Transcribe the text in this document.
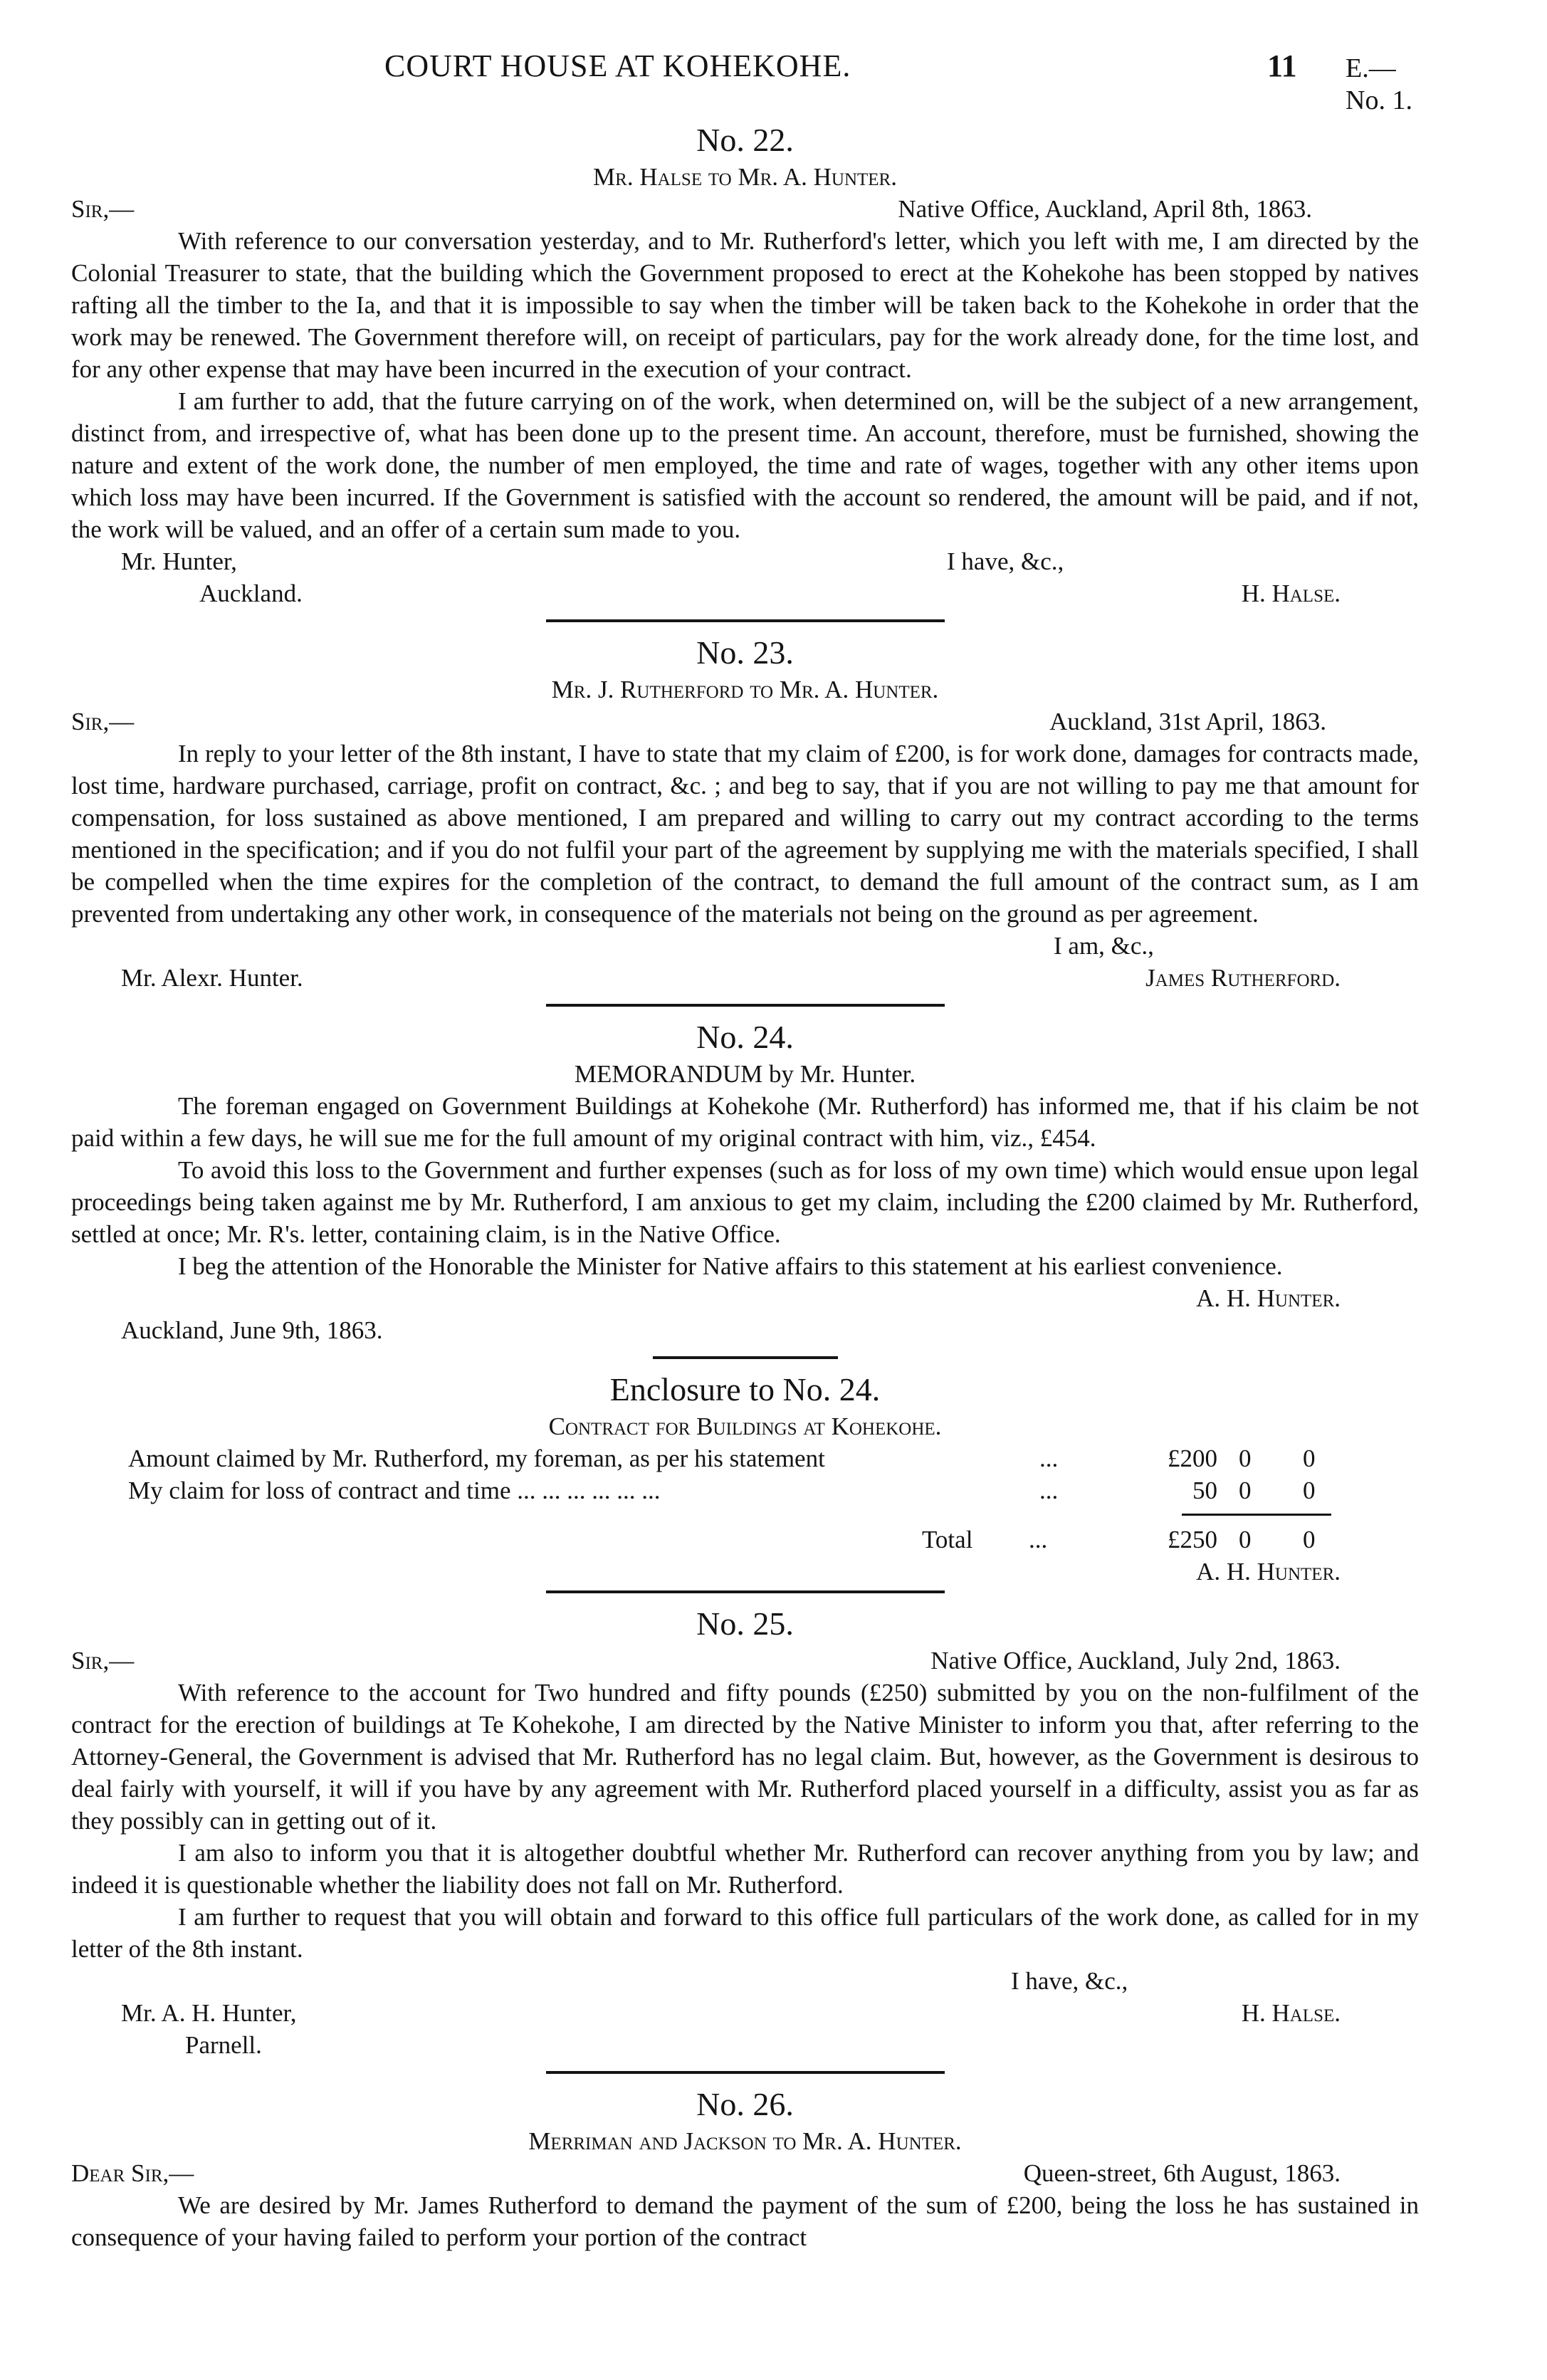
COURT HOUSE AT KOHEKOHE.	11 E.—No. 1.
No. 22.
Mr. Halse to Mr. A. Hunter.
Sir,—	Native Office, Auckland, April 8th, 1863.

With reference to our conversation yesterday, and to Mr. Rutherford's letter, which you left with me, I am directed by the Colonial Treasurer to state, that the building which the Government proposed to erect at the Kohekohe has been stopped by natives rafting all the timber to the Ia, and that it is impossible to say when the timber will be taken back to the Kohekohe in order that the work may be renewed. The Government therefore will, on receipt of particulars, pay for the work already done, for the time lost, and for any other expense that may have been incurred in the execution of your contract.

I am further to add, that the future carrying on of the work, when determined on, will be the subject of a new arrangement, distinct from, and irrespective of, what has been done up to the present time. An account, therefore, must be furnished, showing the nature and extent of the work done, the number of men employed, the time and rate of wages, together with any other items upon which loss may have been incurred. If the Government is satisfied with the account so rendered, the amount will be paid, and if not, the work will be valued, and an offer of a certain sum made to you.

Mr. Hunter,	I have, &c.,
Auckland.	H. Halse.
No. 23.
Mr. J. Rutherford to Mr. A. Hunter.
Sir,—	Auckland, 31st April, 1863.

In reply to your letter of the 8th instant, I have to state that my claim of £200, is for work done, damages for contracts made, lost time, hardware purchased, carriage, profit on contract, &c. ; and beg to say, that if you are not willing to pay me that amount for compensation, for loss sustained as above mentioned, I am prepared and willing to carry out my contract according to the terms mentioned in the specification; and if you do not fulfil your part of the agreement by supplying me with the materials specified, I shall be compelled when the time expires for the completion of the contract, to demand the full amount of the contract sum, as I am prevented from undertaking any other work, in consequence of the materials not being on the ground as per agreement.

I am, &c.,
Mr. Alexr. Hunter.	James Rutherford.
No. 24.
MEMORANDUM by Mr. Hunter.

The foreman engaged on Government Buildings at Kohekohe (Mr. Rutherford) has informed me, that if his claim be not paid within a few days, he will sue me for the full amount of my original contract with him, viz., £454.

To avoid this loss to the Government and further expenses (such as for loss of my own time) which would ensue upon legal proceedings being taken against me by Mr. Rutherford, I am anxious to get my claim, including the £200 claimed by Mr. Rutherford, settled at once; Mr. R's. letter, containing claim, is in the Native Office.

I beg the attention of the Honorable the Minister for Native affairs to this statement at his earliest convenience.

A. H. Hunter.
Auckland, June 9th, 1863.
Enclosure to No. 24.
Contract for Buildings at Kohekohe.
Amount claimed by Mr. Rutherford, my foreman, as per his statement	...	£200 0 0
My claim for loss of contract and time ... ... ... ... ... ...	...	50 0 0
Total ...	£250 0 0
A. H. Hunter.
No. 25.
Sir,—	Native Office, Auckland, July 2nd, 1863.

With reference to the account for Two hundred and fifty pounds (£250) submitted by you on the non-fulfilment of the contract for the erection of buildings at Te Kohekohe, I am directed by the Native Minister to inform you that, after referring to the Attorney-General, the Government is advised that Mr. Rutherford has no legal claim. But, however, as the Government is desirous to deal fairly with yourself, it will if you have by any agreement with Mr. Rutherford placed yourself in a difficulty, assist you as far as they possibly can in getting out of it.

I am also to inform you that it is altogether doubtful whether Mr. Rutherford can recover anything from you by law; and indeed it is questionable whether the liability does not fall on Mr. Rutherford.

I am further to request that you will obtain and forward to this office full particulars of the work done, as called for in my letter of the 8th instant.

I have, &c.,
Mr. A. H. Hunter,	H. Halse.
Parnell.
No. 26.
Merriman and Jackson to Mr. A. Hunter.
Dear Sir,—	Queen-street, 6th August, 1863.

We are desired by Mr. James Rutherford to demand the payment of the sum of £200, being the loss he has sustained in consequence of your having failed to perform your portion of the contract
